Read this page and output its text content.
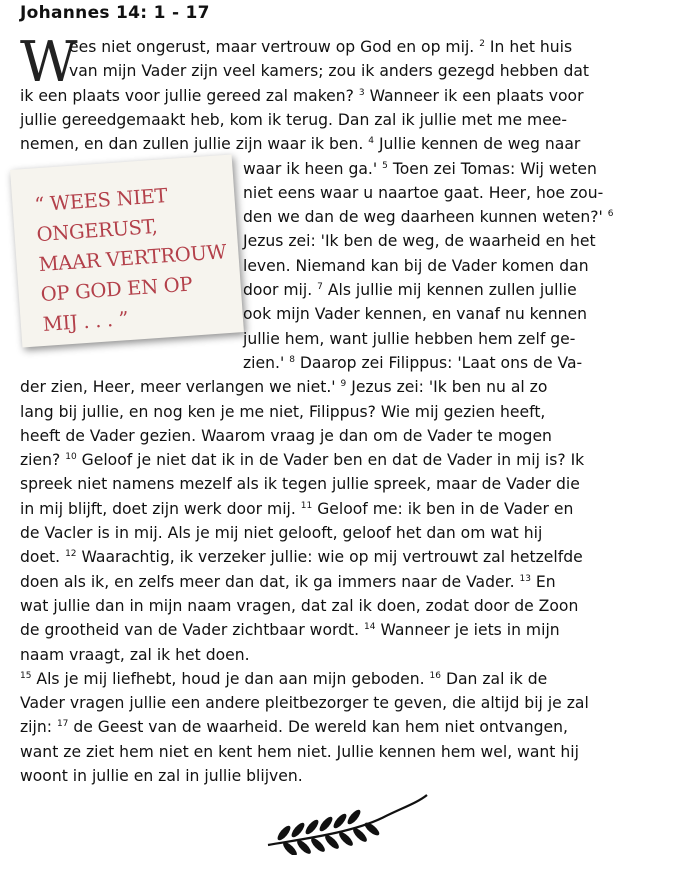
Johannes 14: 1 - 17
W
ees niet ongerust, maar vertrouw op God en op mij. $^2$ In het huis
van mijn Vader zijn veel kamers; zou ik anders gezegd hebben dat
ik een plaats voor jullie gereed zal maken? $^3$ Wanneer ik een plaats voor
jullie gereedgemaakt heb, kom ik terug. Dan zal ik jullie met me mee-
nemen, en dan zullen jullie zijn waar ik ben. $^4$ Jullie kennen de weg naar
waar ik heen ga.' $^5$ Toen zei Tomas: Wij weten
niet eens waar u naartoe gaat. Heer, hoe zou-
den we dan de weg daarheen kunnen weten?' $^6$
Jezus zei: 'Ik ben de weg, de waarheid en het
leven. Niemand kan bij de Vader komen dan
door mij. $^7$ Als jullie mij kennen zullen jullie
ook mijn Vader kennen, en vanaf nu kennen
jullie hem, want jullie hebben hem zelf ge-
zien.' $^8$ Daarop zei Filippus: 'Laat ons de Va-
der zien, Heer, meer verlangen we niet.' $^9$ Jezus zei: 'Ik ben nu al zo
lang bij jullie, en nog ken je me niet, Filippus? Wie mij gezien heeft,
heeft de Vader gezien. Waarom vraag je dan om de Vader te mogen
zien? $^{10}$ Geloof je niet dat ik in de Vader ben en dat de Vader in mij is? Ik
spreek niet namens mezelf als ik tegen jullie spreek, maar de Vader die
in mij blijft, doet zijn werk door mij. $^{11}$ Geloof me: ik ben in de Vader en
de Vacler is in mij. Als je mij niet gelooft, geloof het dan om wat hij
doet. $^{12}$ Waarachtig, ik verzeker jullie: wie op mij vertrouwt zal hetzelfde
doen als ik, en zelfs meer dan dat, ik ga immers naar de Vader. $^{13}$ En
wat jullie dan in mijn naam vragen, dat zal ik doen, zodat door de Zoon
de grootheid van de Vader zichtbaar wordt. $^{14}$ Wanneer je iets in mijn
naam vraagt, zal ik het doen.
$^{15}$ Als je mij liefhebt, houd je dan aan mijn geboden. $^{16}$ Dan zal ik de
Vader vragen jullie een andere pleitbezorger te geven, die altijd bij je zal
zijn: $^{17}$ de Geest van de waarheid. De wereld kan hem niet ontvangen,
want ze ziet hem niet en kent hem niet. Jullie kennen hem wel, want hij
woont in jullie en zal in jullie blijven.
“ WEES NIET
ONGERUST,
MAAR VERTROUW
OP GOD EN OP
MIJ . . . ”
